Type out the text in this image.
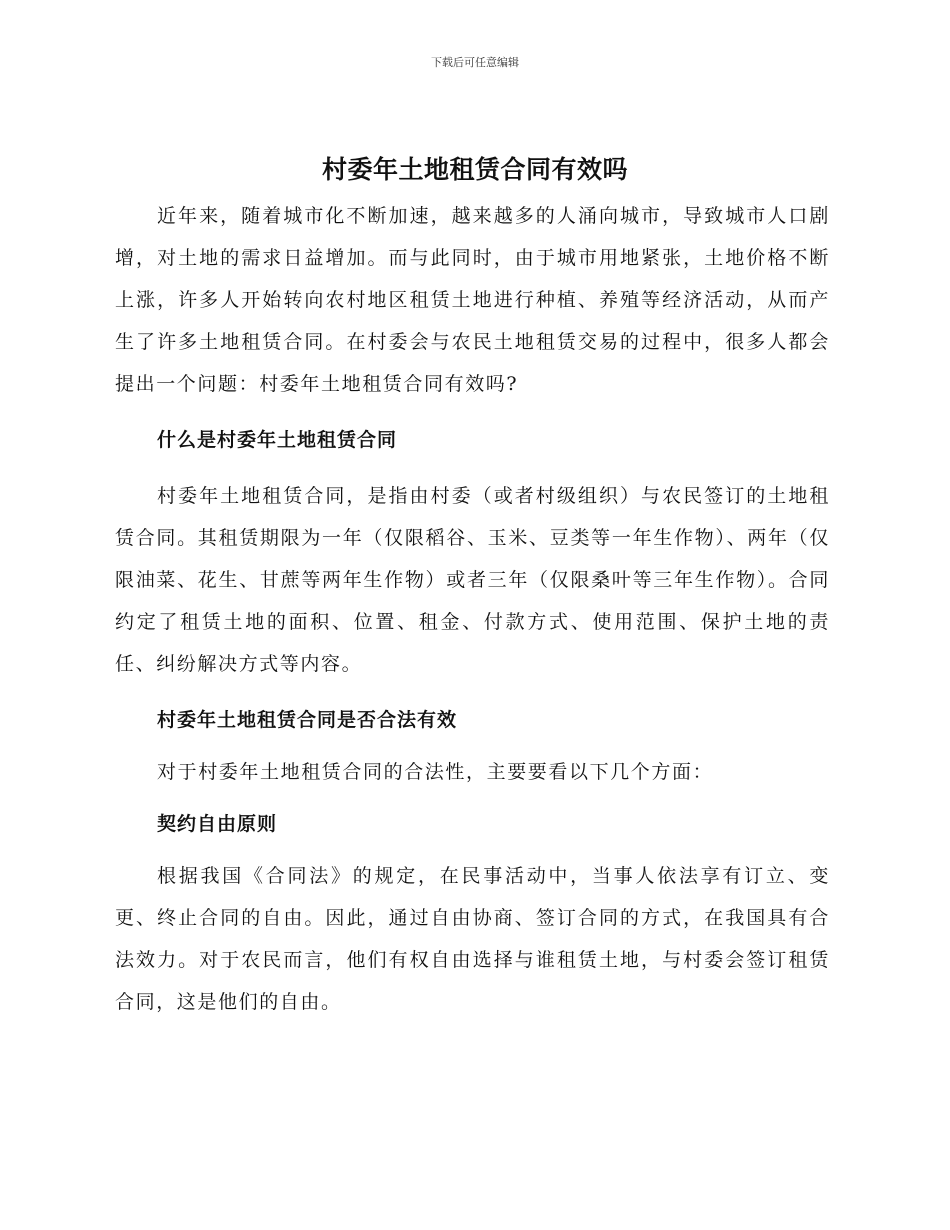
下载后可任意编辑
村委年土地租赁合同有效吗

近年来，随着城市化不断加速，越来越多的人涌向城市，导致城市人口剧增，对土地的需求日益增加。而与此同时，由于城市用地紧张，土地价格不断上涨，许多人开始转向农村地区租赁土地进行种植、养殖等经济活动，从而产生了许多土地租赁合同。在村委会与农民土地租赁交易的过程中，很多人都会提出一个问题：村委年土地租赁合同有效吗?

什么是村委年土地租赁合同

村委年土地租赁合同，是指由村委（或者村级组织）与农民签订的土地租赁合同。其租赁期限为一年（仅限稻谷、玉米、豆类等一年生作物）、两年（仅限油菜、花生、甘蔗等两年生作物）或者三年（仅限桑叶等三年生作物）。合同约定了租赁土地的面积、位置、租金、付款方式、使用范围、保护土地的责任、纠纷解决方式等内容。

村委年土地租赁合同是否合法有效

对于村委年土地租赁合同的合法性，主要要看以下几个方面：

契约自由原则

根据我国《合同法》的规定，在民事活动中，当事人依法享有订立、变更、终止合同的自由。因此，通过自由协商、签订合同的方式，在我国具有合法效力。对于农民而言，他们有权自由选择与谁租赁土地，与村委会签订租赁合同，这是他们的自由。
